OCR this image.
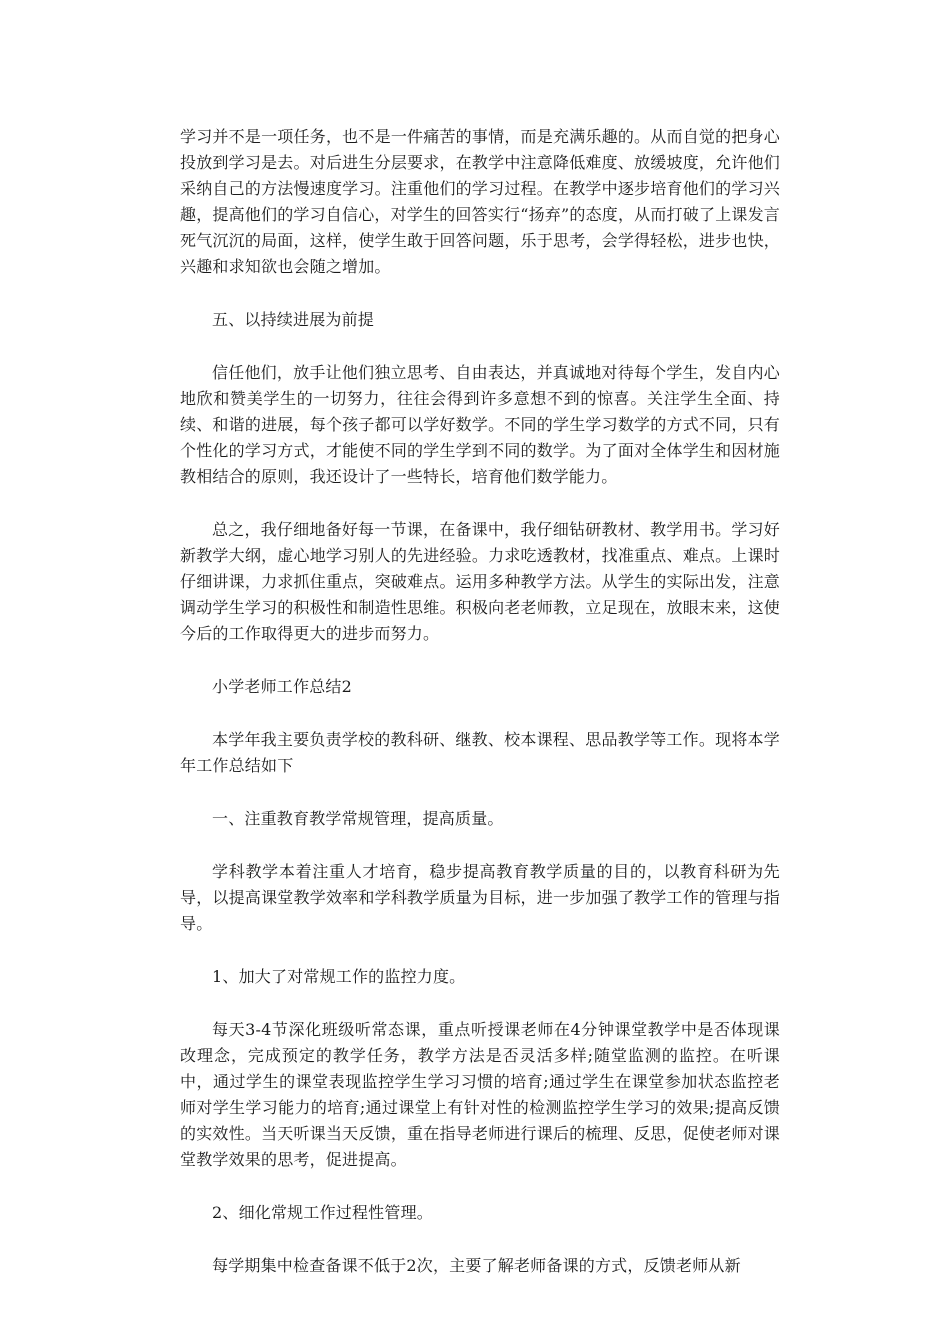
学习并不是一项任务，也不是一件痛苦的事情，而是充满乐趣的。从而自觉的把身心投放到学习是去。对后进生分层要求，在教学中注意降低难度、放缓坡度，允许他们采纳自己的方法慢速度学习。注重他们的学习过程。在教学中逐步培育他们的学习兴趣，提高他们的学习自信心，对学生的回答实行“扬弃”的态度，从而打破了上课发言死气沉沉的局面，这样，使学生敢于回答问题，乐于思考，会学得轻松，进步也快，兴趣和求知欲也会随之增加。

五、以持续进展为前提

信任他们，放手让他们独立思考、自由表达，并真诚地对待每个学生，发自内心地欣和赞美学生的一切努力，往往会得到许多意想不到的惊喜。关注学生全面、持续、和谐的进展，每个孩子都可以学好数学。不同的学生学习数学的方式不同，只有个性化的学习方式，才能使不同的学生学到不同的数学。为了面对全体学生和因材施教相结合的原则，我还设计了一些特长，培育他们数学能力。

总之，我仔细地备好每一节课，在备课中，我仔细钻研教材、教学用书。学习好新教学大纲，虚心地学习别人的先进经验。力求吃透教材，找准重点、难点。上课时仔细讲课，力求抓住重点，突破难点。运用多种教学方法。从学生的实际出发，注意调动学生学习的积极性和制造性思维。积极向老老师教，立足现在，放眼末来，这使今后的工作取得更大的进步而努力。

小学老师工作总结2

本学年我主要负责学校的教科研、继教、校本课程、思品教学等工作。现将本学年工作总结如下

一、注重教育教学常规管理，提高质量。

学科教学本着注重人才培育，稳步提高教育教学质量的目的，以教育科研为先导，以提高课堂教学效率和学科教学质量为目标，进一步加强了教学工作的管理与指导。

1、加大了对常规工作的监控力度。

每天3-4节深化班级听常态课，重点听授课老师在4分钟课堂教学中是否体现课改理念，完成预定的教学任务，教学方法是否灵活多样;随堂监测的监控。在听课中，通过学生的课堂表现监控学生学习习惯的培育;通过学生在课堂参加状态监控老师对学生学习能力的培育;通过课堂上有针对性的检测监控学生学习的效果;提高反馈的实效性。当天听课当天反馈，重在指导老师进行课后的梳理、反思，促使老师对课堂教学效果的思考，促进提高。

2、细化常规工作过程性管理。

每学期集中检查备课不低于2次，主要了解老师备课的方式，反馈老师从新
